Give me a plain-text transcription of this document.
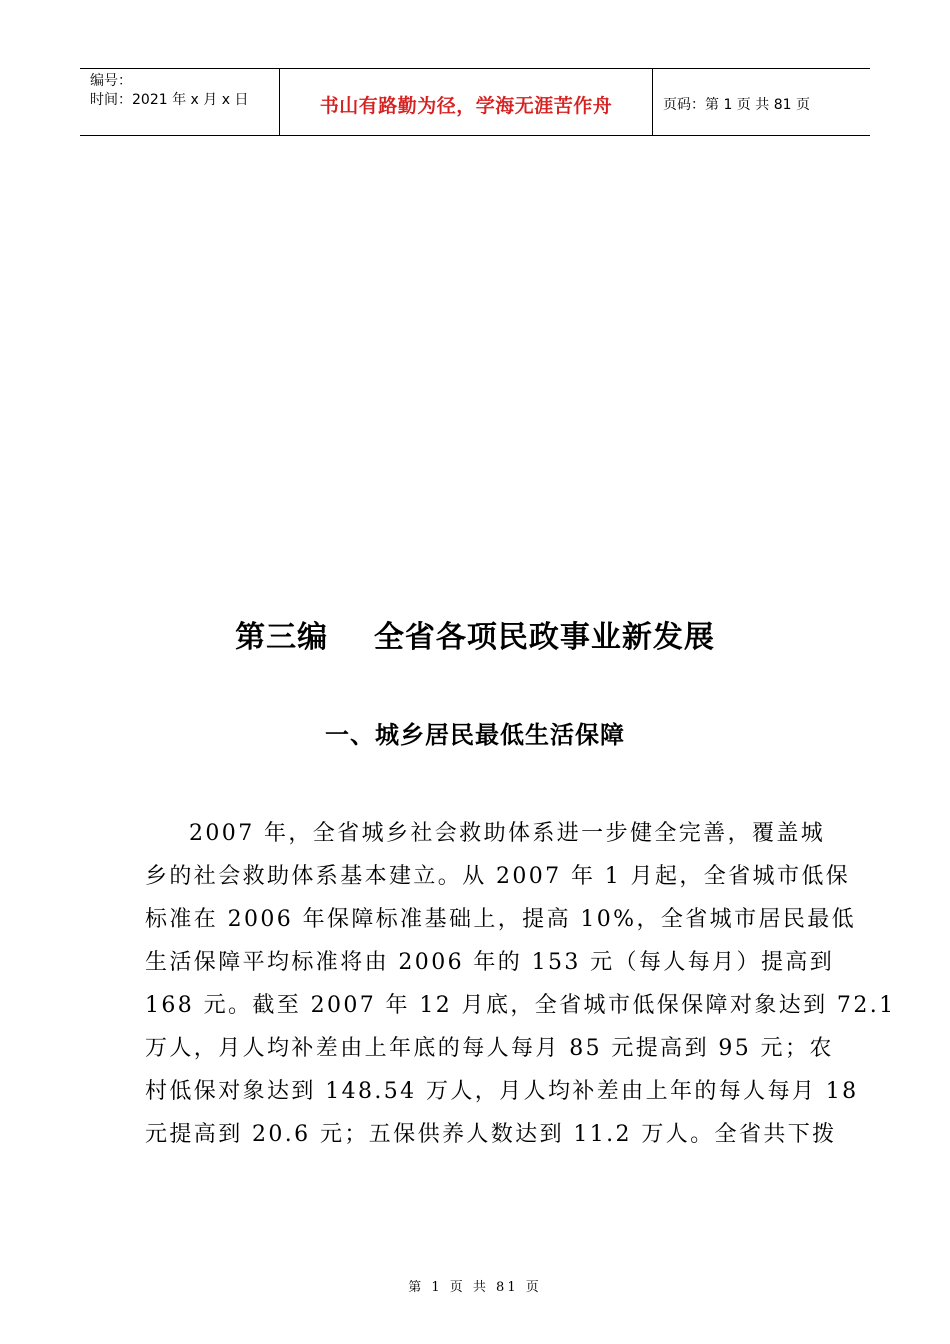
编号：
时间：2021 年 x 月 x 日	书山有路勤为径，学海无涯苦作舟	页码：第 1 页 共 81 页
第三编    全省各项民政事业新发展
一、城乡居民最低生活保障
2007 年，全省城乡社会救助体系进一步健全完善，覆盖城
乡的社会救助体系基本建立。从 2007 年 1 月起，全省城市低保
标准在 2006 年保障标准基础上，提高 10%，全省城市居民最低
生活保障平均标准将由 2006 年的 153 元（每人每月）提高到
168 元。截至 2007 年 12 月底，全省城市低保保障对象达到 72.1
万人，月人均补差由上年底的每人每月 85 元提高到 95 元；农
村低保对象达到 148.54 万人，月人均补差由上年的每人每月 18
元提高到 20.6 元；五保供养人数达到 11.2 万人。全省共下拨
第 1 页 共 81 页
